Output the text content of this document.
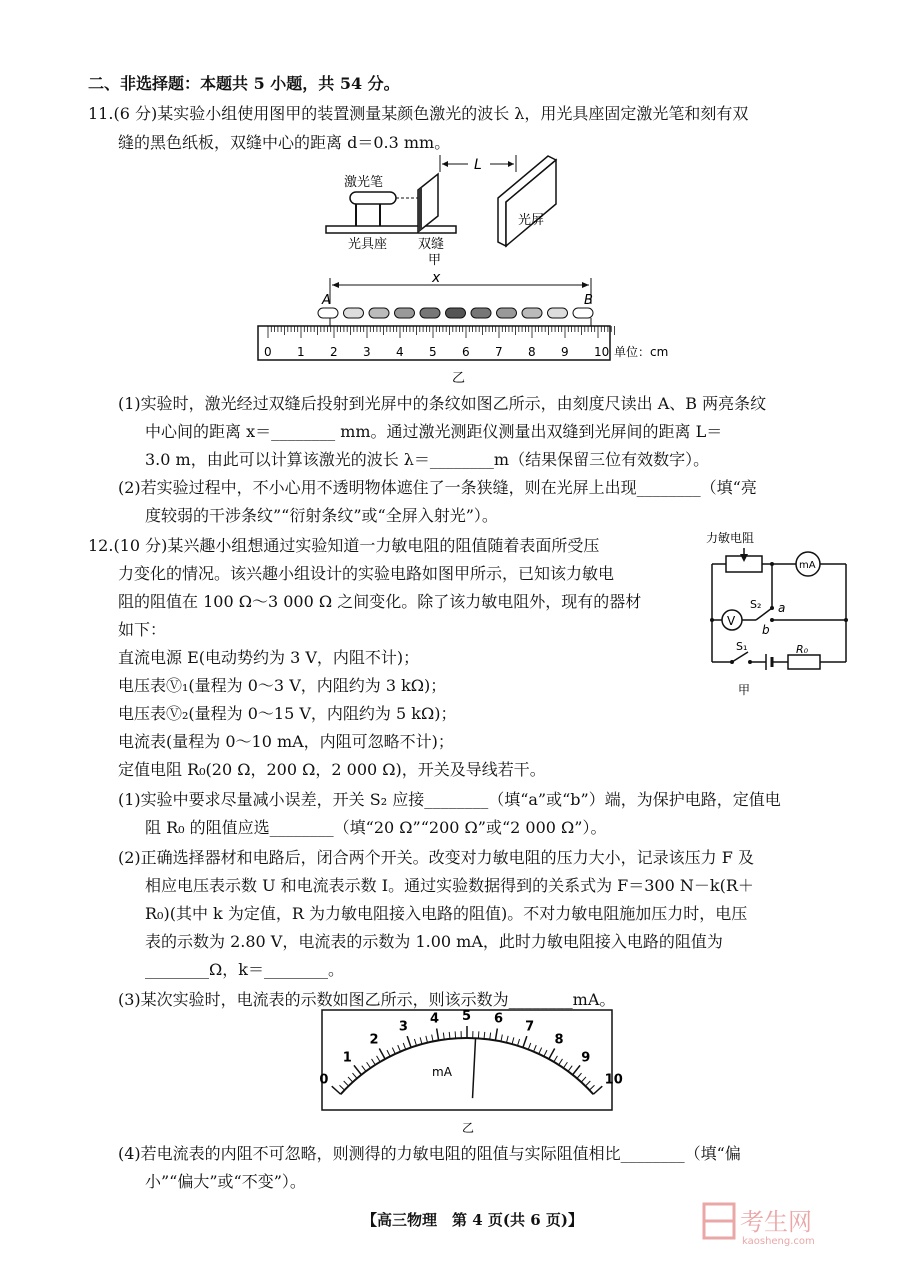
二、非选择题：本题共 5 小题，共 54 分。
11.(6 分)某实验小组使用图甲的装置测量某颜色激光的波长 λ，用光具座固定激光笔和刻有双
缝的黑色纸板，双缝中心的距离 d＝0.3 mm。
L
激光笔
光具座 双缝
光屏
甲
x
A	B
0 1 2 3 4 5 6 7 8 9 10 单位：cm
乙
(1)实验时，激光经过双缝后投射到光屏中的条纹如图乙所示，由刻度尺读出 A、B 两亮条纹
中心间的距离 x＝________ mm。通过激光测距仪测量出双缝到光屏间的距离 L＝
3.0 m，由此可以计算该激光的波长 λ＝________m（结果保留三位有效数字）。
(2)若实验过程中，不小心用不透明物体遮住了一条狭缝，则在光屏上出现________（填“亮
度较弱的干涉条纹”“衍射条纹”或“全屏入射光”）。
12.(10 分)某兴趣小组想通过实验知道一力敏电阻的阻值随着表面所受压
力变化的情况。该兴趣小组设计的实验电路如图甲所示，已知该力敏电
阻的阻值在 100 Ω～3 000 Ω 之间变化。除了该力敏电阻外，现有的器材
如下：
直流电源 E(电动势约为 3 V，内阻不计)；
电压表Ⓥ₁(量程为 0～3 V，内阻约为 3 kΩ)；
电压表Ⓥ₂(量程为 0～15 V，内阻约为 5 kΩ)；
电流表(量程为 0～10 mA，内阻可忽略不计)；
定值电阻 R₀(20 Ω，200 Ω，2 000 Ω)，开关及导线若干。
力敏电阻
mA
V
S₂ a
b
S₁	R₀
甲
(1)实验中要求尽量减小误差，开关 S₂ 应接________（填“a”或“b”）端，为保护电路，定值电
阻 R₀ 的阻值应选________（填“20 Ω”“200 Ω”或“2 000 Ω”）。
(2)正确选择器材和电路后，闭合两个开关。改变对力敏电阻的压力大小，记录该压力 F 及
相应电压表示数 U 和电流表示数 I。通过实验数据得到的关系式为 F＝300 N－k(R＋
R₀)(其中 k 为定值，R 为力敏电阻接入电路的阻值)。不对力敏电阻施加压力时，电压
表的示数为 2.80 V，电流表的示数为 1.00 mA，此时力敏电阻接入电路的阻值为
________Ω，k＝________。
(3)某次实验时，电流表的示数如图乙所示，则该示数为________mA。
0
1
2
3
4 5 6
7
8
9
10
mA
乙
(4)若电流表的内阻不可忽略，则测得的力敏电阻的阻值与实际阻值相比________（填“偏
小”“偏大”或“不变”）。
【高三物理　第 4 页(共 6 页)】	考生网
kaosheng.com
